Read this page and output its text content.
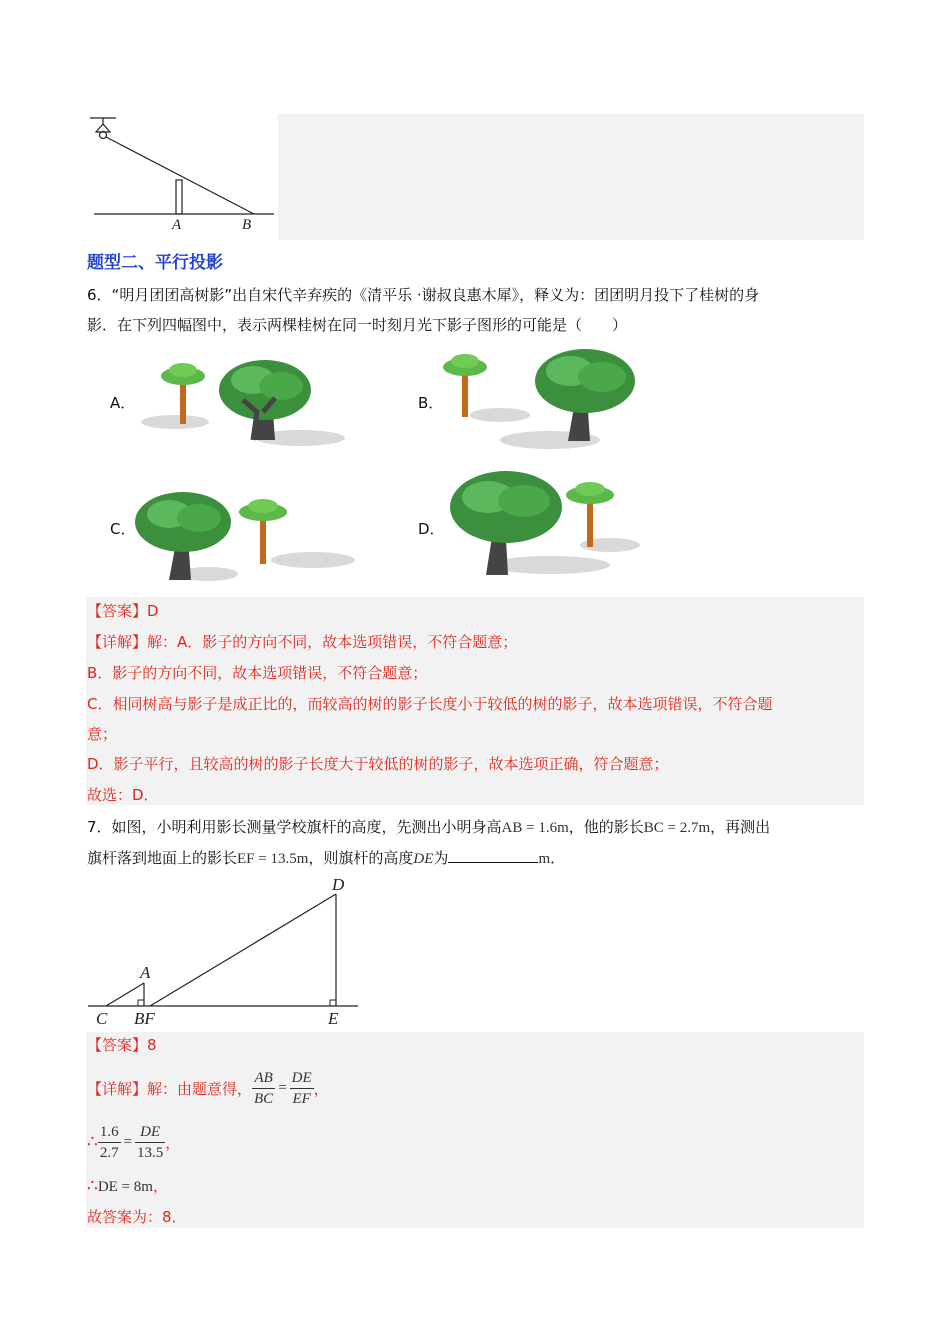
A	B
题型二、平行投影
6．“明月团团高树影”出自宋代辛弃疾的《清平乐 ·谢叔良惠木犀》，释义为：团团明月投下了桂树的身
影．在下列四幅图中，表示两棵桂树在同一时刻月光下影子图形的可能是（　　）
A．	B．
C．	D．
【答案】D
【详解】解：A．影子的方向不同，故本选项错误，不符合题意；
B．影子的方向不同，故本选项错误，不符合题意；
C．相同树高与影子是成正比的，而较高的树的影子长度小于较低的树的影子，故本选项错误，不符合题
意；
D．影子平行，且较高的树的影子长度大于较低的树的影子，故本选项正确，符合题意；
故选：D．
7．如图，小明利用影长测量学校旗杆的高度，先测出小明身高AB = 1.6m，他的影长BC = 2.7m，再测出
旗杆落到地面上的影长EF = 13.5m，则旗杆的高度DE为	m．
D
A
C BF	E
【答案】8
【详解】解：由题意得， $\frac{AB}{BC} = \frac{DE}{EF}$ ，
∴ $\frac{1.6}{2.7} = \frac{DE}{13.5}$ ，
∴DE = 8m，
故答案为：8．
